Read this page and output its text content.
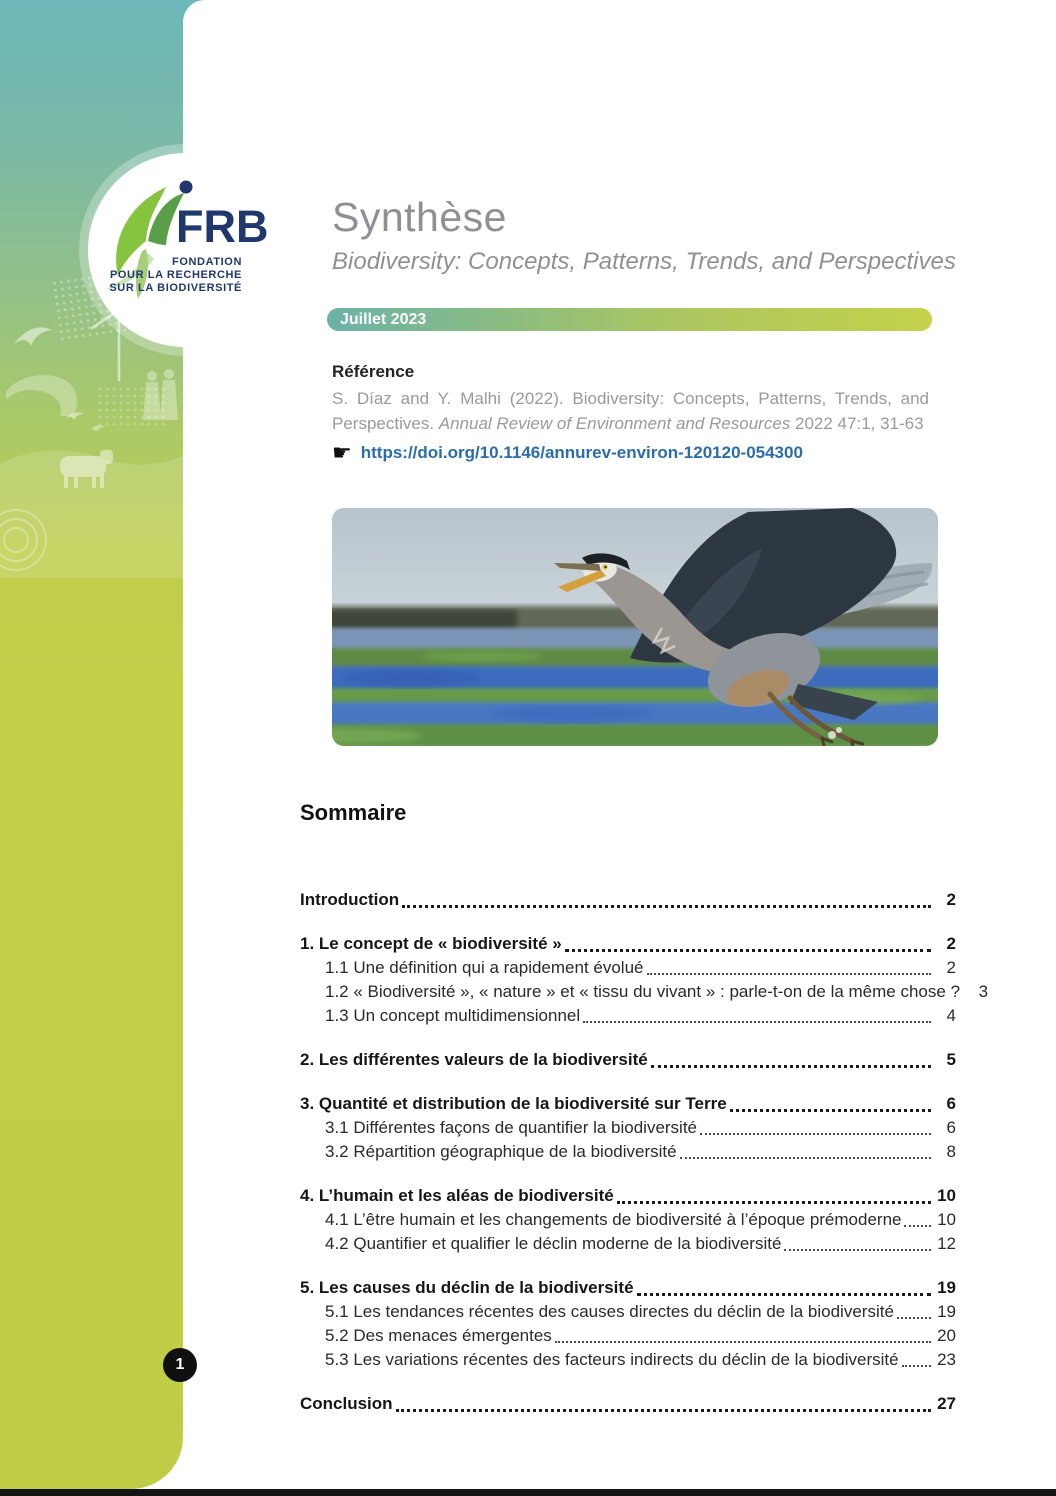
FRB
FONDATION
POUR LA RECHERCHE
SUR LA BIODIVERSITÉ
Synthèse
Biodiversity: Concepts, Patterns, Trends, and Perspectives
Juillet 2023
Référence

S. Díaz and Y. Malhi (2022). Biodiversity: Concepts, Patterns, Trends, and Perspectives. Annual Review of Environment and Resources 2022 47:1, 31-63

☛ https://doi.org/10.1146/annurev-environ-120120-054300
Sommaire
Introduction	2
1. Le concept de « biodiversité »	2
1.1 Une définition qui a rapidement évolué	2
1.2 « Biodiversité », « nature » et « tissu du vivant » : parle-t-on de la même chose ?	3
1.3 Un concept multidimensionnel	4
2. Les différentes valeurs de la biodiversité	5
3. Quantité et distribution de la biodiversité sur Terre	6
3.1 Différentes façons de quantifier la biodiversité	6
3.2 Répartition géographique de la biodiversité	8
4. L’humain et les aléas de biodiversité	10
4.1 L’être humain et les changements de biodiversité à l’époque prémoderne 10
4.2 Quantifier et qualifier le déclin moderne de la biodiversité	12
5. Les causes du déclin de la biodiversité	19
5.1 Les tendances récentes des causes directes du déclin de la biodiversité	19
5.2 Des menaces émergentes	20
5.3 Les variations récentes des facteurs indirects du déclin de la biodiversité 23
Conclusion	27
1
